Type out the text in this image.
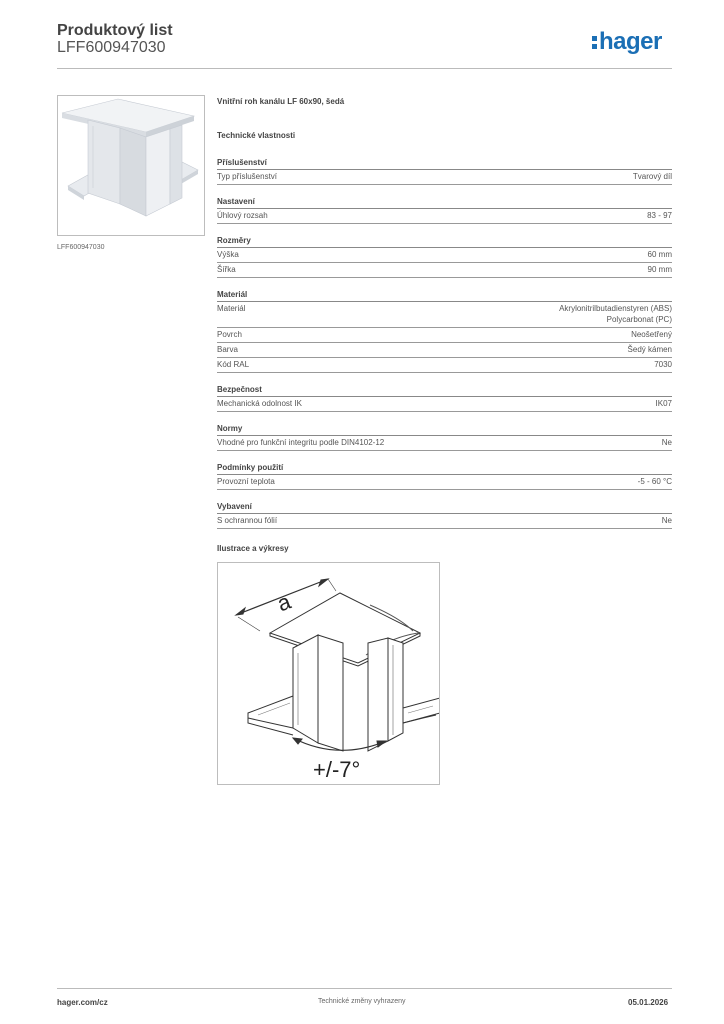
Produktový list
LFF600947030	hager
LFF600947030
Vnitřní roh kanálu LF 60x90, šedá
Technické vlastnosti
Příslušenství
Typ příslušenství	Tvarový díl
Nastavení
Úhlový rozsah	83 - 97
Rozměry
Výška	60 mm
Šířka	90 mm
Materiál
Materiál	Akrylonitrilbutadienstyren (ABS)
Polycarbonat (PC)
Povrch	Neošetřený
Barva	Šedý kámen
Kód RAL	7030
Bezpečnost
Mechanická odolnost IK	IK07
Normy
Vhodné pro funkční integritu podle DIN4102-12	Ne
Podmínky použití
Provozní teplota	-5 - 60 °C
Vybavení
S ochrannou fólií	Ne
Ilustrace a výkresy
a
+/-7°
hager.com/cz	Technické změny vyhrazeny	05.01.2026
